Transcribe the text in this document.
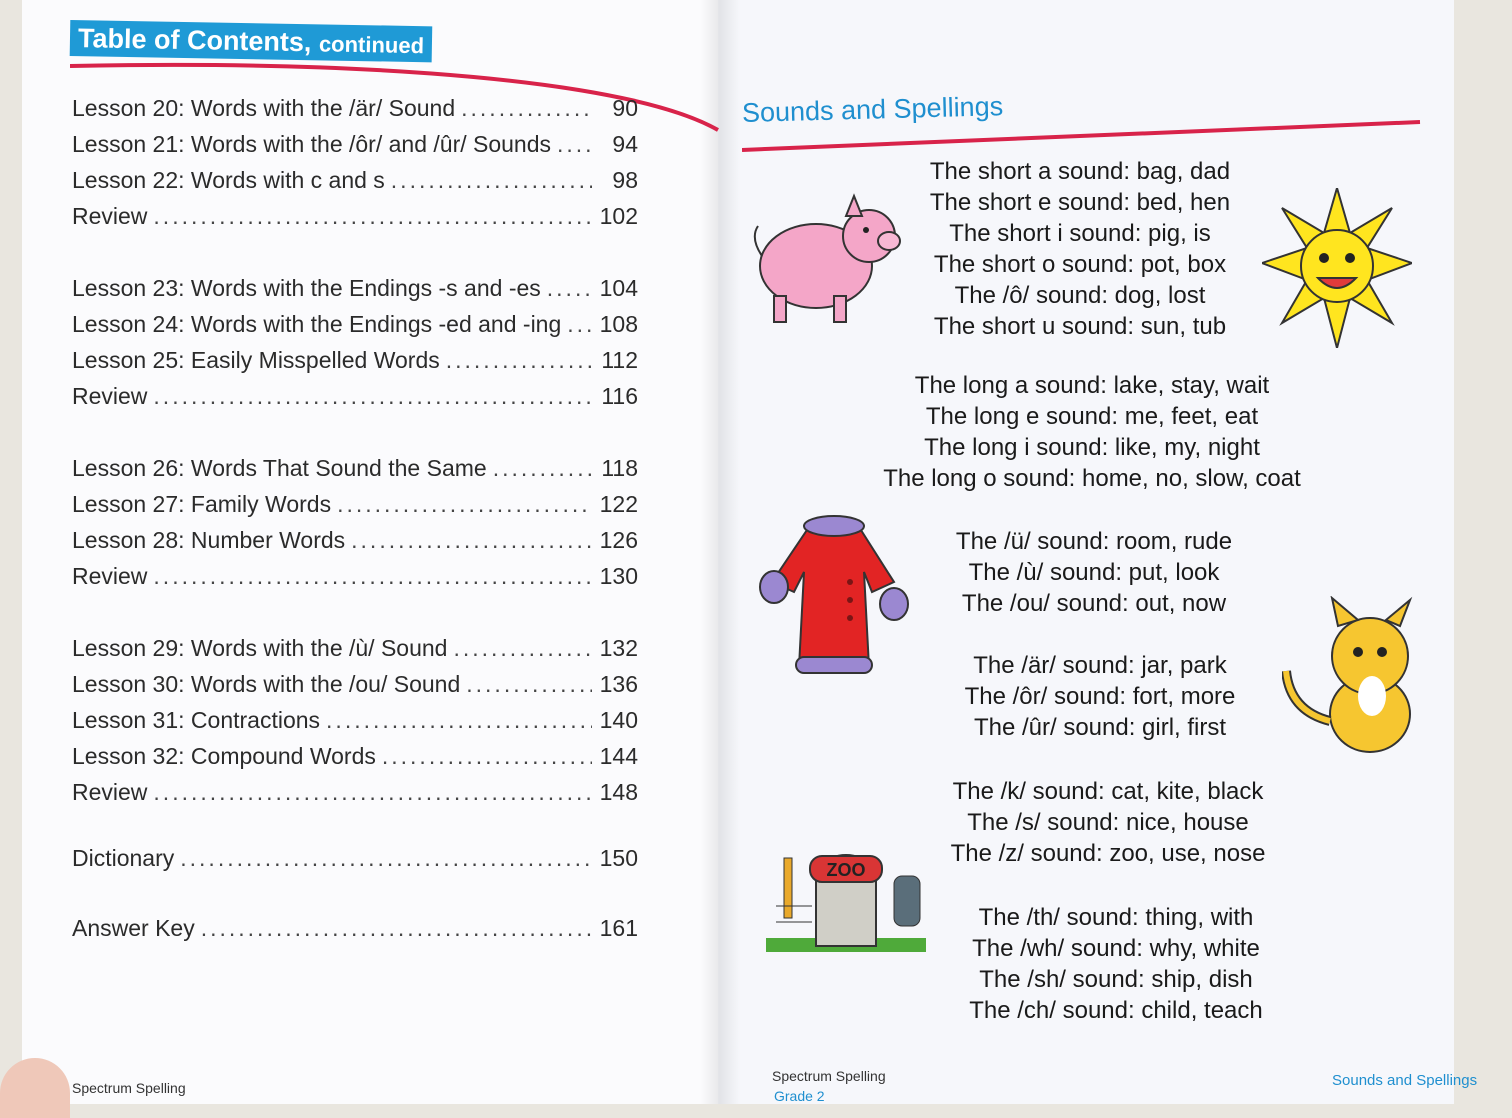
Table of Contents, continued
Lesson 20: Words with the /är/ Sound .....	90
Lesson 21: Words with the /ôr/ and /ûr/ Sounds .....	94
Lesson 22: Words with c and s .....	98
Review .....	102
Lesson 23: Words with the Endings -s and -es .....	104
Lesson 24: Words with the Endings -ed and -ing ..... 108
Lesson 25: Easily Misspelled Words .....	112
Review .....	116
Lesson 26: Words That Sound the Same .....	118
Lesson 27: Family Words .....	122
Lesson 28: Number Words .....	126
Review .....	130
Lesson 29: Words with the /ù/ Sound .....	132
Lesson 30: Words with the /ou/ Sound .....	136
Lesson 31: Contractions .....	140
Lesson 32: Compound Words .....	144
Review .....	148
Dictionary .....	150
Answer Key .....	161
Spectrum Spelling
Sounds and Spellings
The short a sound: bag, dad
The short e sound: bed, hen
The short i sound: pig, is
The short o sound: pot, box
The /ô/ sound: dog, lost
The short u sound: sun, tub
The long a sound: lake, stay, wait
The long e sound: me, feet, eat
The long i sound: like, my, night
The long o sound: home, no, slow, coat
The /ü/ sound: room, rude
The /ù/ sound: put, look
The /ou/ sound: out, now
The /är/ sound: jar, park
The /ôr/ sound: fort, more
The /ûr/ sound: girl, first
The /k/ sound: cat, kite, black
The /s/ sound: nice, house
The /z/ sound: zoo, use, nose
The /th/ sound: thing, with
The /wh/ sound: why, white
The /sh/ sound: ship, dish
The /ch/ sound: child, teach
ZOO
Spectrum Spelling
Grade 2
Sounds and Spellings
